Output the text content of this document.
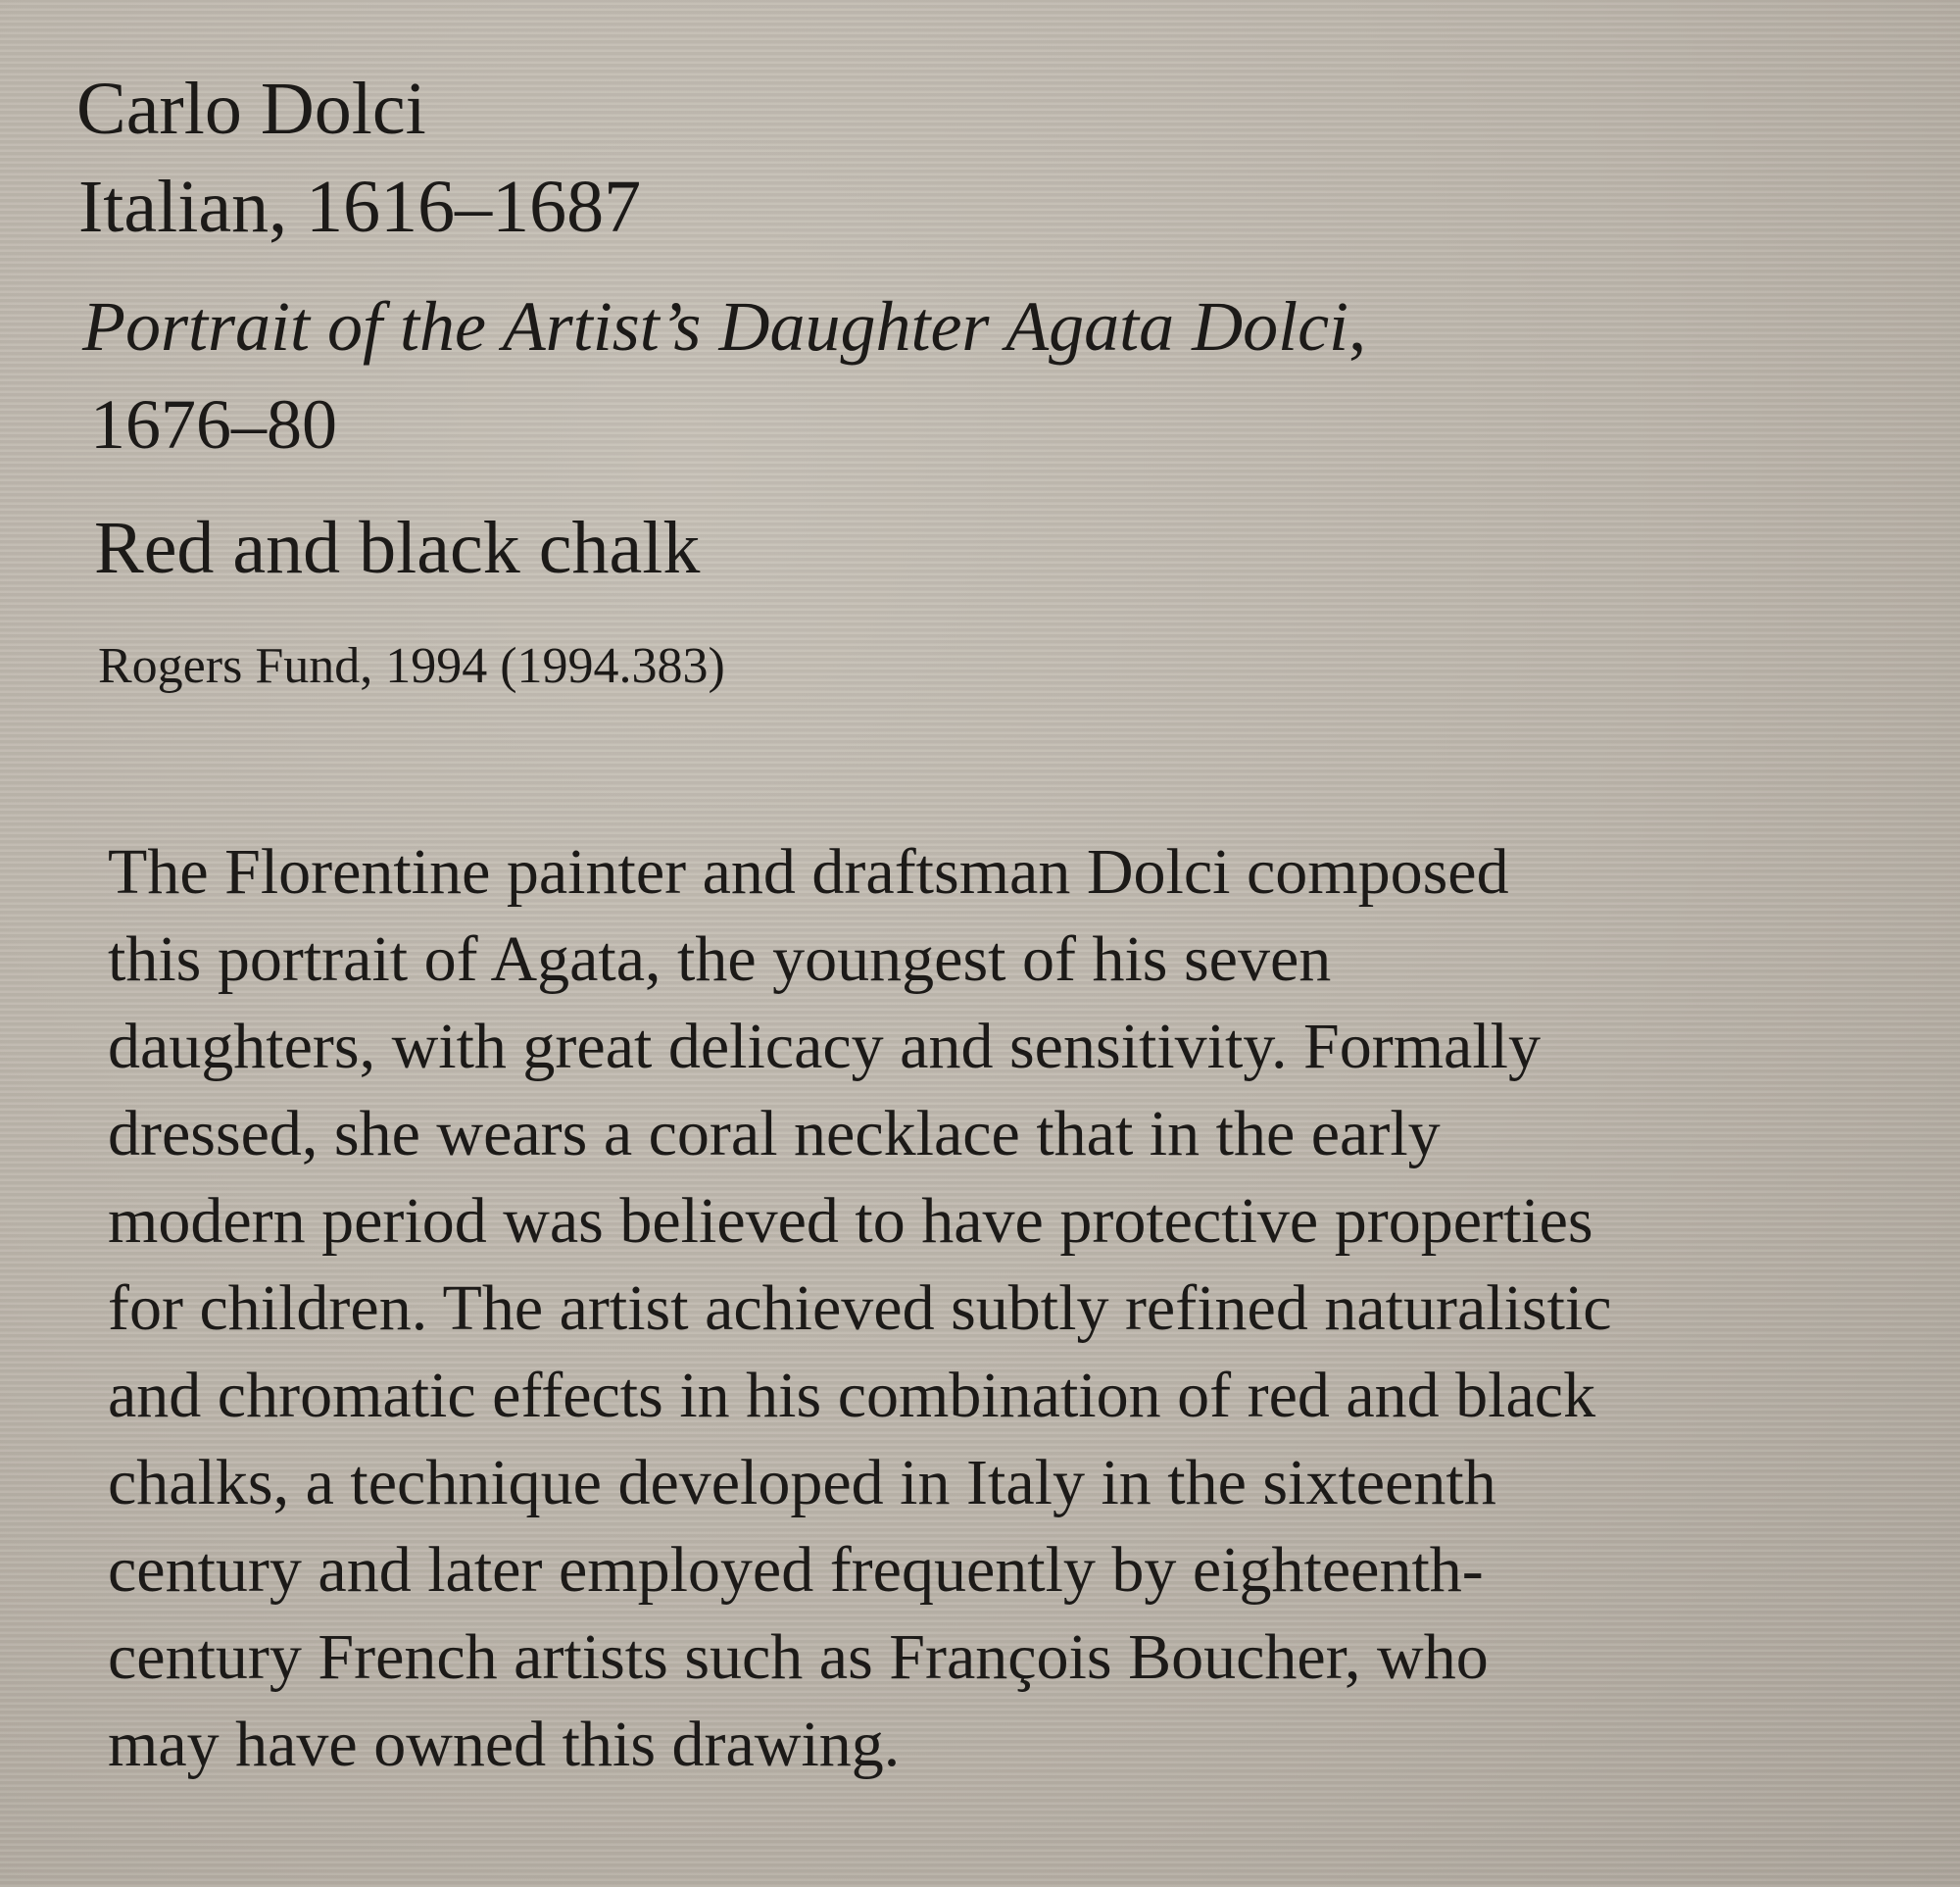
Carlo Dolci

Italian, 1616–1687

Portrait of the Artist’s Daughter Agata Dolci,

1676–80

Red and black chalk

Rogers Fund, 1994 (1994.383)

The Florentine painter and draftsman Dolci composed
this portrait of Agata, the youngest of his seven
daughters, with great delicacy and sensitivity. Formally
dressed, she wears a coral necklace that in the early
modern period was believed to have protective properties
for children. The artist achieved subtly refined naturalistic
and chromatic effects in his combination of red and black
chalks, a technique developed in Italy in the sixteenth
century and later employed frequently by eighteenth-
century French artists such as François Boucher, who
may have owned this drawing.
